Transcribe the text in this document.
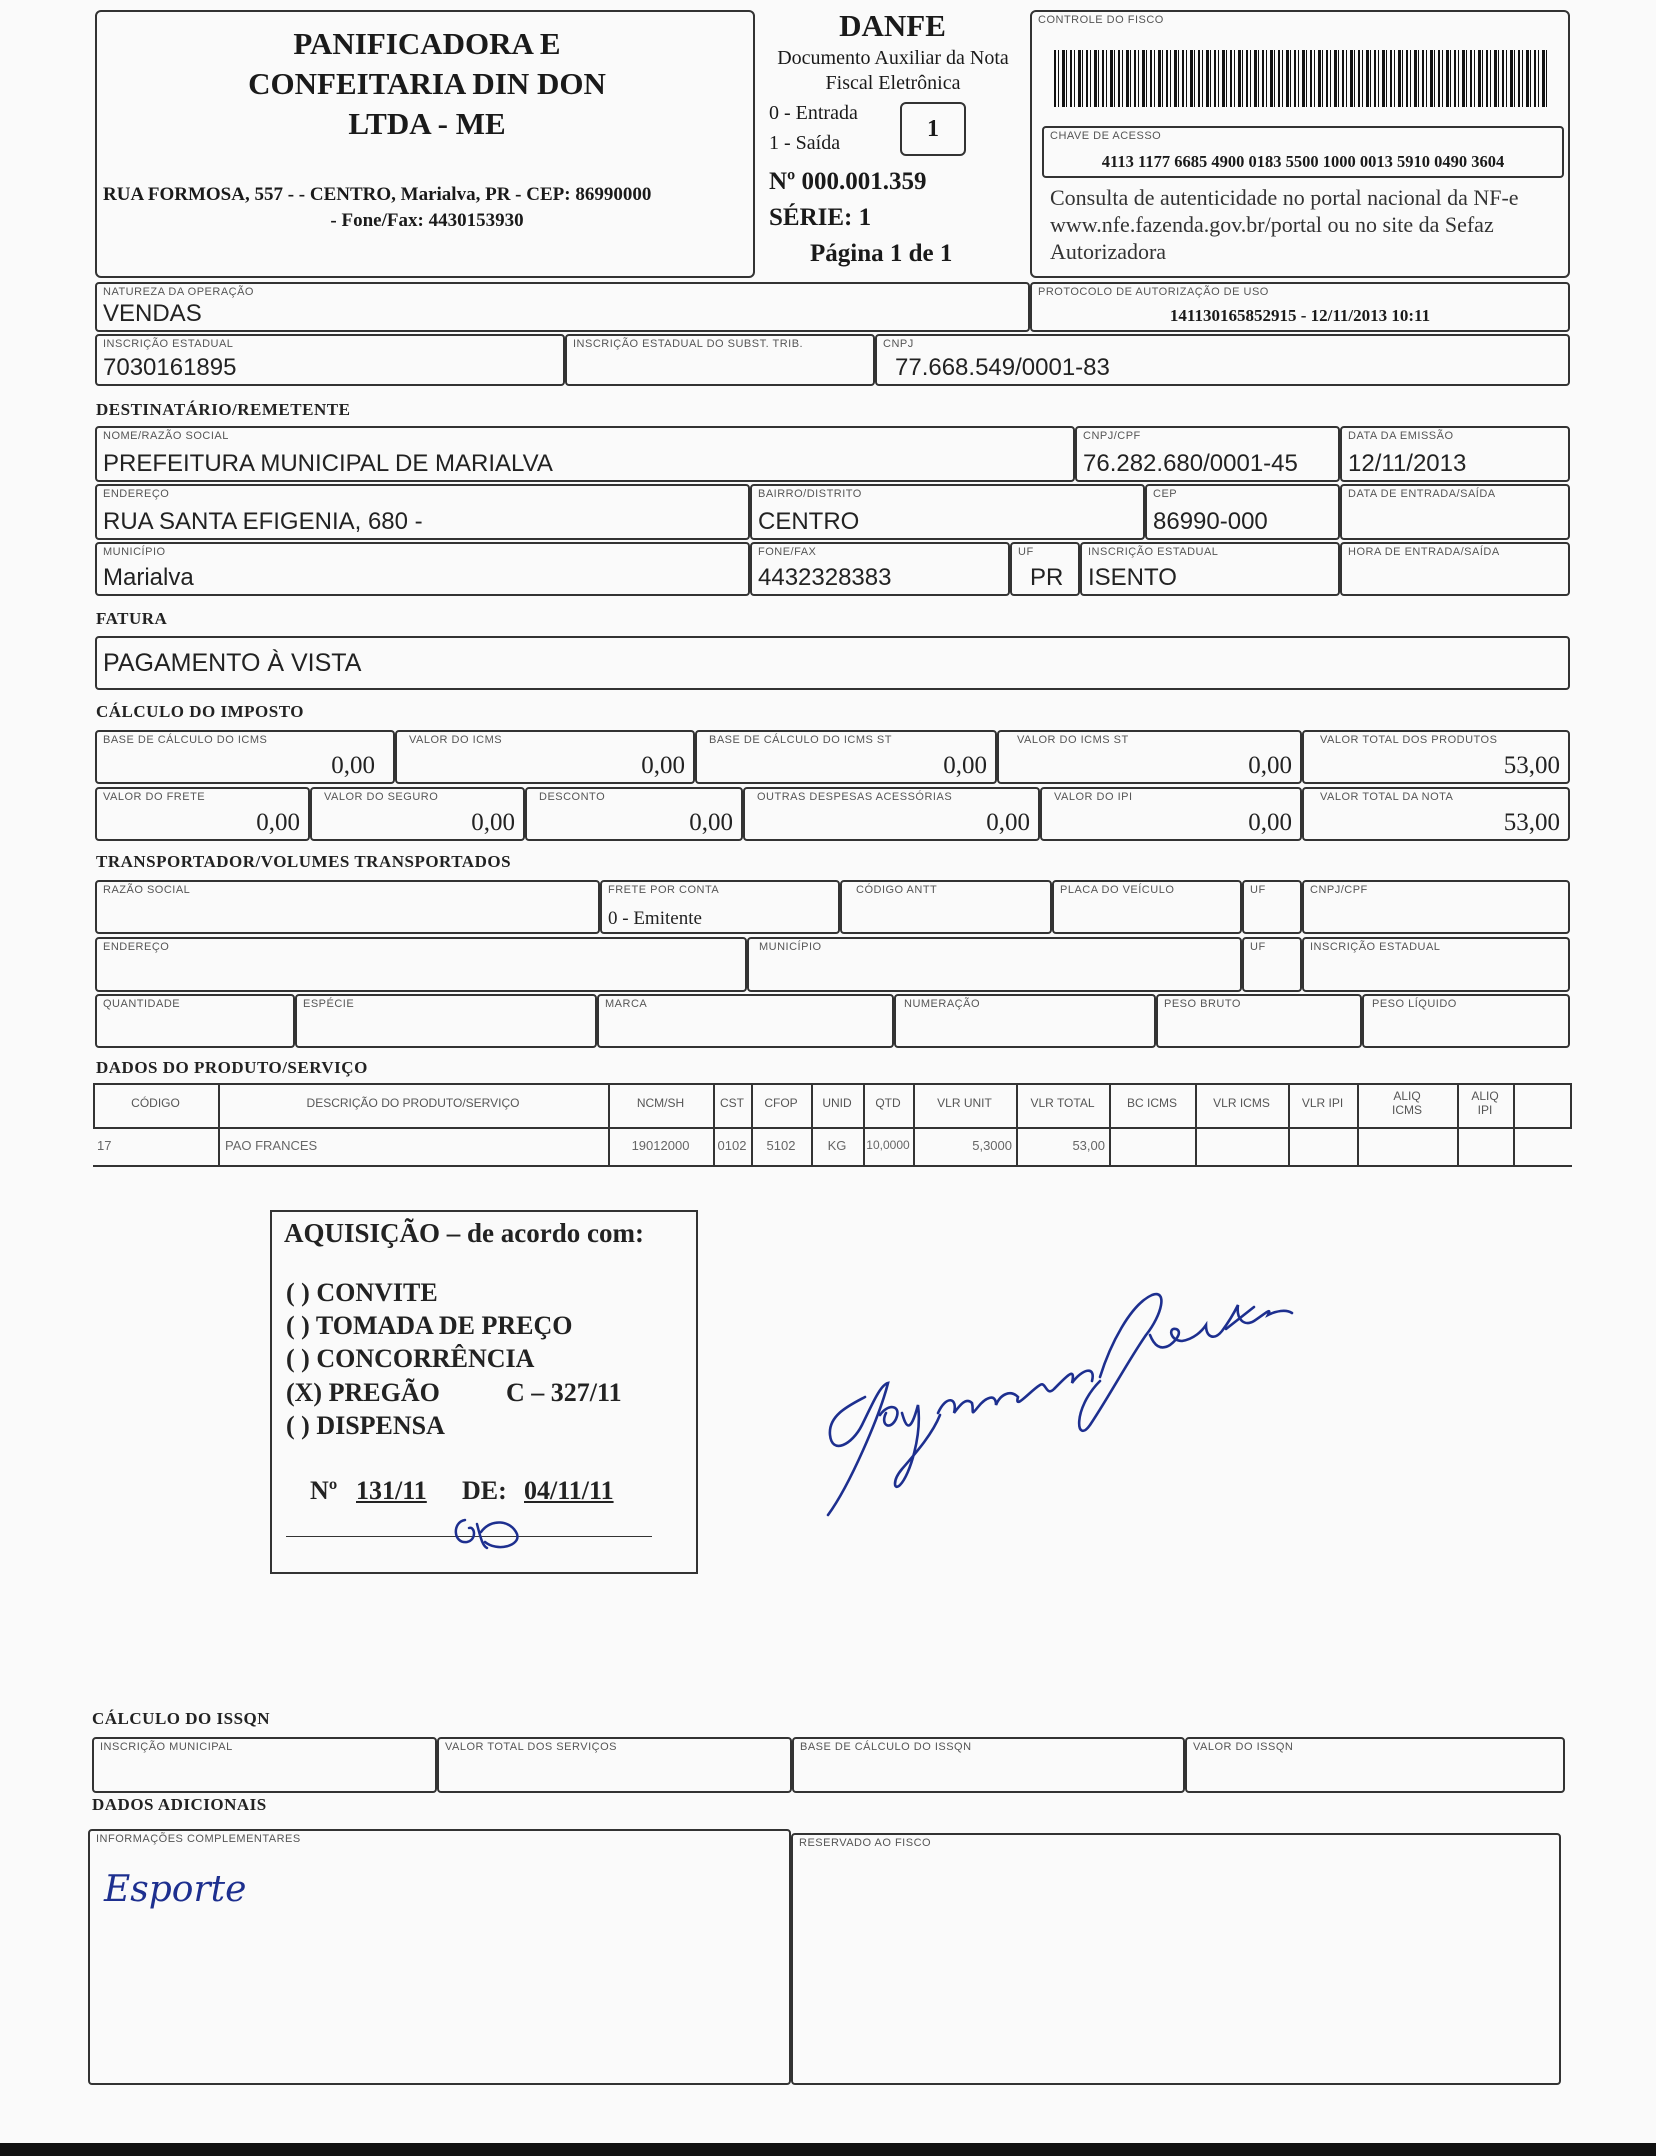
PANIFICADORA E CONFEITARIA DIN DON LTDA - ME
RUA FORMOSA, 557 - - CENTRO, Marialva, PR - CEP: 86990000
- Fone/Fax: 4430153930
DANFE
Documento Auxiliar da Nota Fiscal Eletrônica
0 - Entrada
1 - Saída
1
Nº 000.001.359
SÉRIE: 1
Página 1 de 1
CONTROLE DO FISCO
CHAVE DE ACESSO
4113 1177 6685 4900 0183 5500 1000 0013 5910 0490 3604
Consulta de autenticidade no portal nacional da NF-e www.nfe.fazenda.gov.br/portal ou no site da Sefaz Autorizadora
NATUREZA DA OPERAÇÃO
VENDAS
PROTOCOLO DE AUTORIZAÇÃO DE USO
141130165852915 - 12/11/2013 10:11
INSCRIÇÃO ESTADUAL
7030161895
INSCRIÇÃO ESTADUAL DO SUBST. TRIB.	CNPJ
77.668.549/0001-83
DESTINATÁRIO/REMETENTE
NOME/RAZÃO SOCIAL
PREFEITURA MUNICIPAL DE MARIALVA
CNPJ/CPF
76.282.680/0001-45
DATA DA EMISSÃO
12/11/2013
ENDEREÇO
RUA SANTA EFIGENIA, 680 -
BAIRRO/DISTRITO
CENTRO
CEP
86990-000
DATA DE ENTRADA/SAÍDA
MUNICÍPIO
Marialva
FONE/FAX
4432328383
UF
PR
INSCRIÇÃO ESTADUAL
ISENTO
HORA DE ENTRADA/SAÍDA
FATURA
PAGAMENTO À VISTA
CÁLCULO DO IMPOSTO
BASE DE CÁLCULO DO ICMS
0,00
VALOR DO ICMS
0,00
BASE DE CÁLCULO DO ICMS ST
0,00
VALOR DO ICMS ST
0,00
VALOR TOTAL DOS PRODUTOS
53,00
VALOR DO FRETE
0,00
VALOR DO SEGURO
0,00
DESCONTO
0,00
OUTRAS DESPESAS ACESSÓRIAS
0,00
VALOR DO IPI
0,00
VALOR TOTAL DA NOTA
53,00
TRANSPORTADOR/VOLUMES TRANSPORTADOS
RAZÃO SOCIAL	FRETE POR CONTA
0 - Emitente
CÓDIGO ANTT	PLACA DO VEÍCULO	UF	CNPJ/CPF
ENDEREÇO	MUNICÍPIO	UF	INSCRIÇÃO ESTADUAL
QUANTIDADE	ESPÉCIE	MARCA	NUMERAÇÃO	PESO BRUTO	PESO LÍQUIDO
DADOS DO PRODUTO/SERVIÇO
CÓDIGO	DESCRIÇÃO DO PRODUTO/SERVIÇO	NCM/SH	CST	CFOP	UNID	QTD	VLR UNIT	VLR TOTAL	BC ICMS	VLR ICMS	VLR IPI	ALIQ ICMS
ALIQ IPI
17	PAO FRANCES	19012000	0102	5102	KG	10,0000	5,3000	53,00
AQUISIÇÃO – de acordo com:
( ) CONVITE
( ) TOMADA DE PREÇO
( ) CONCORRÊNCIA
(X) PREGÃO	C – 327/11
( ) DISPENSA
Nº 131/11 DE: 04/11/11
CÁLCULO DO ISSQN
INSCRIÇÃO MUNICIPAL	VALOR TOTAL DOS SERVIÇOS	BASE DE CÁLCULO DO ISSQN	VALOR DO ISSQN
DADOS ADICIONAIS
INFORMAÇÕES COMPLEMENTARES
Esporte
RESERVADO AO FISCO
